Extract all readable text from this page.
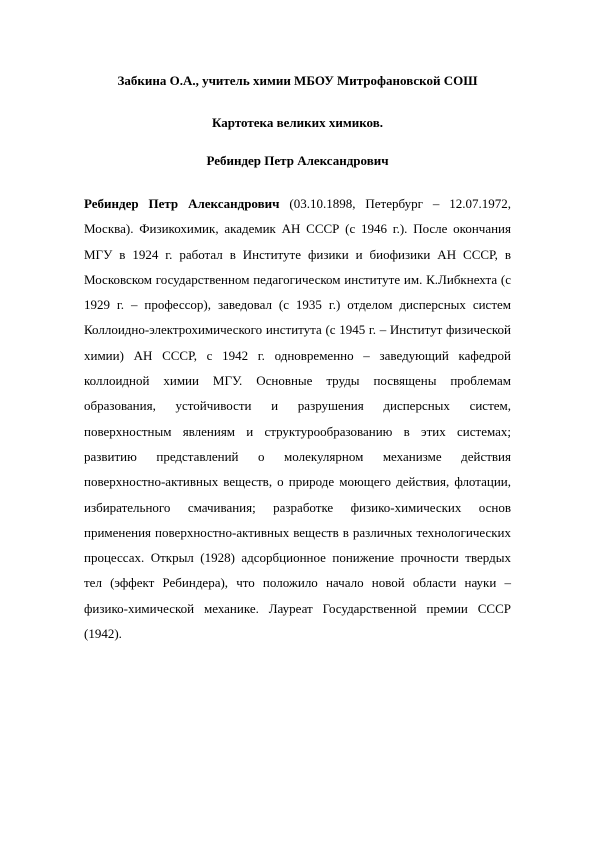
Забкина О.А., учитель химии МБОУ Митрофановской СОШ
Картотека великих химиков.
Ребиндер Петр Александрович
Ребиндер Петр Александрович (03.10.1898, Петербург – 12.07.1972, Москва). Физикохимик, академик АН СССР (с 1946 г.). После окончания МГУ в 1924 г. работал в Институте физики и биофизики АН СССР, в Московском государственном педагогическом институте им. К.Либкнехта (с 1929 г. – профессор), заведовал (с 1935 г.) отделом дисперсных систем Коллоидно-электрохимического института (с 1945 г. – Институт физической химии) АН СССР, с 1942 г. одновременно – заведующий кафедрой коллоидной химии МГУ. Основные труды посвящены проблемам образования, устойчивости и разрушения дисперсных систем, поверхностным явлениям и структурообразованию в этих системах; развитию представлений о молекулярном механизме действия поверхностно-активных веществ, о природе моющего действия, флотации, избирательного смачивания; разработке физико-химических основ применения поверхностно-активных веществ в различных технологических процессах. Открыл (1928) адсорбционное понижение прочности твердых тел (эффект Ребиндера), что положило начало новой области науки – физико-химической механике. Лауреат Государственной премии СССР (1942).
